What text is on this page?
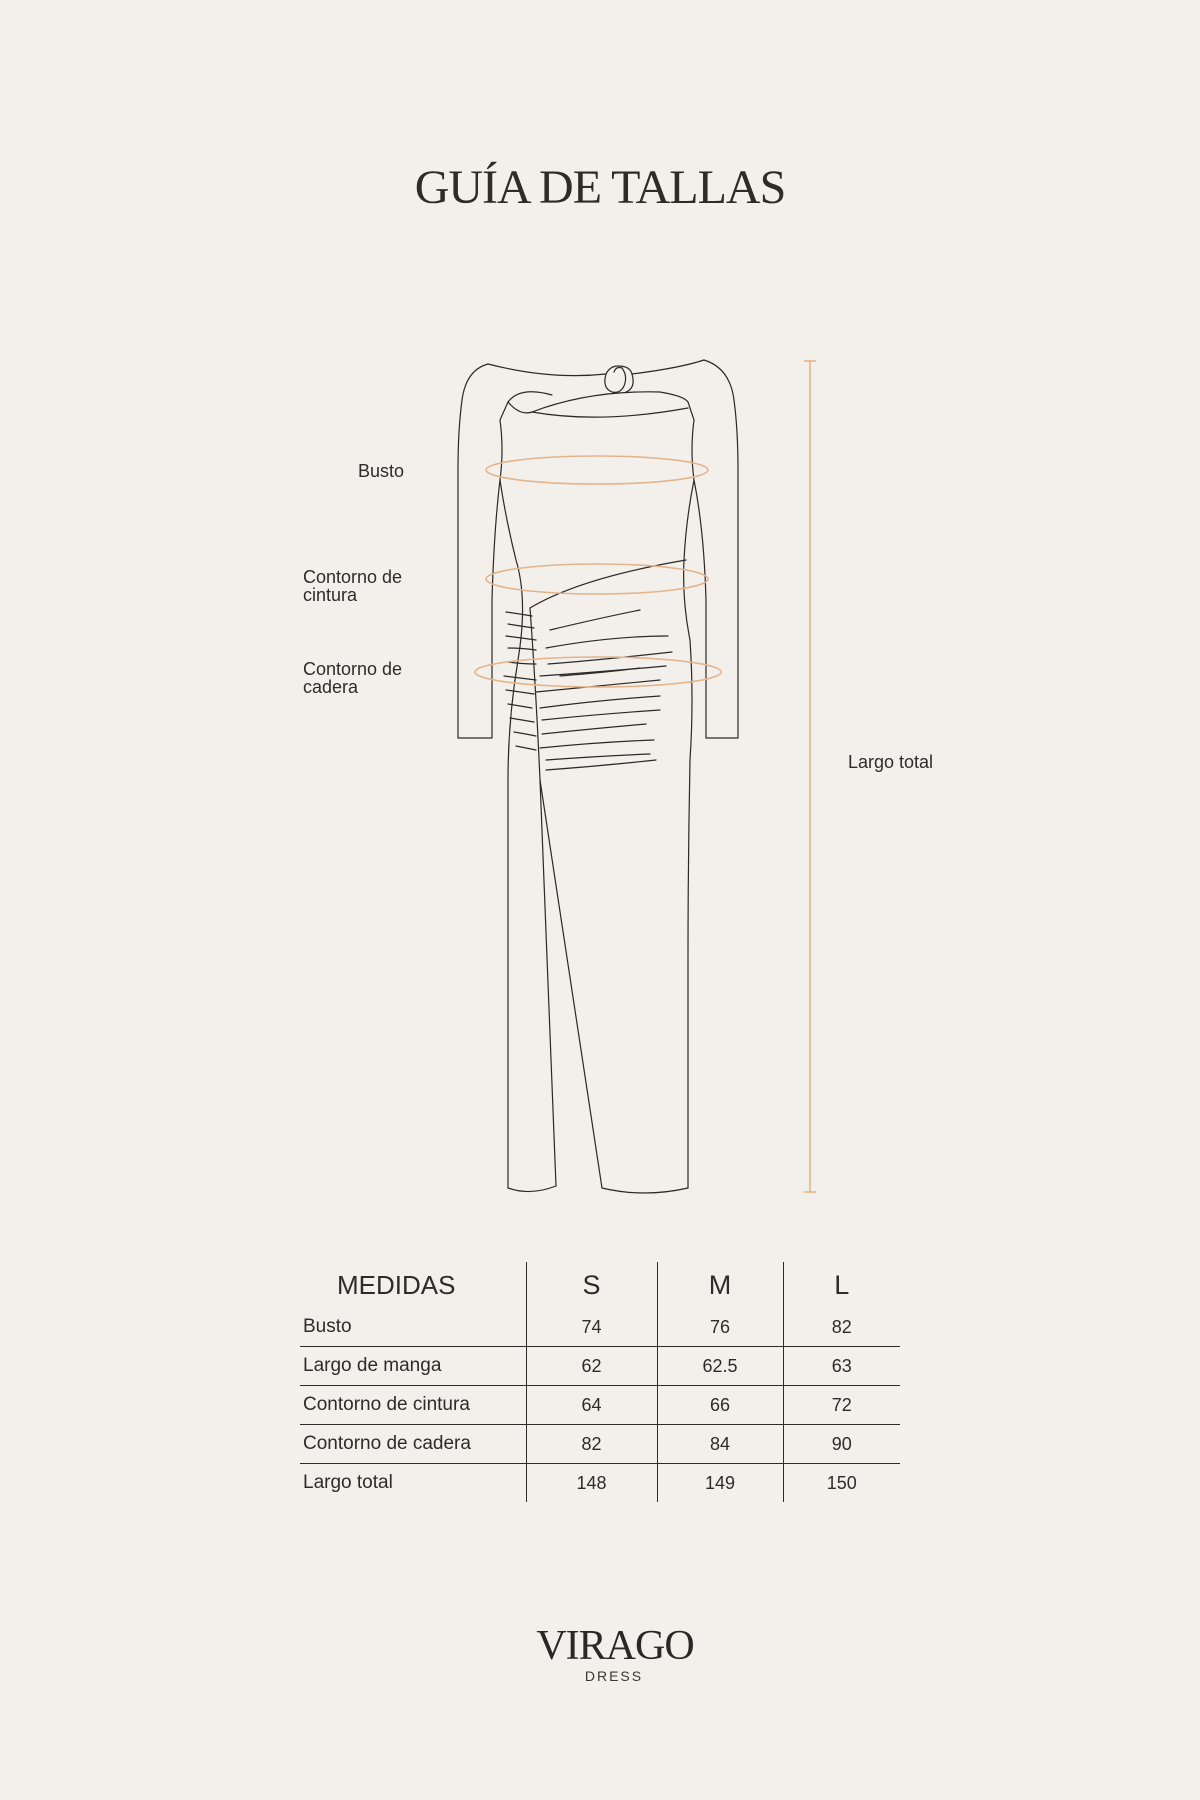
GUÍA DE TALLAS
Busto
Contorno de cintura
Contorno de cadera
Largo total
MEDIDAS	S	M	L
Busto	74	76	82
Largo de manga	62	62.5	63
Contorno de cintura	64	66	72
Contorno de cadera	82	84	90
Largo total	148	149	150
VIRAGO
DRESS
